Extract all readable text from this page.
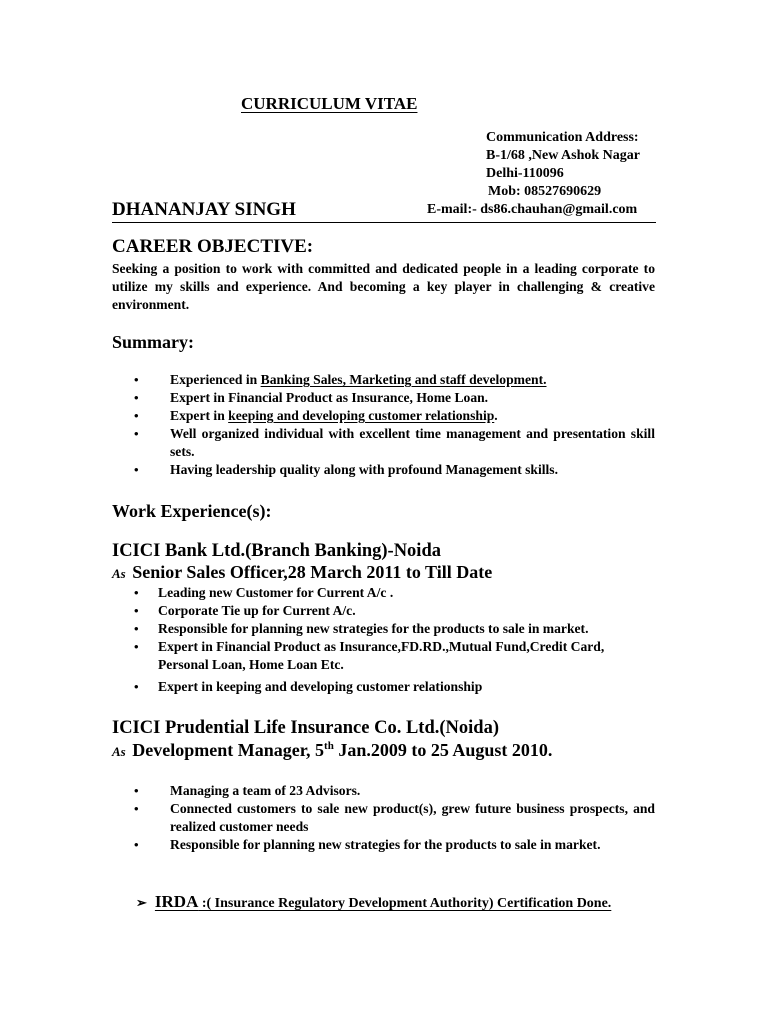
CURRICULUM VITAE
Communication Address:
B-1/68 ,New Ashok Nagar
Delhi-110096
Mob: 08527690629
DHANANJAY SINGH	E-mail:- ds86.chauhan@gmail.com
CAREER OBJECTIVE:
Seeking a position to work with committed and dedicated people in a leading corporate to utilize my skills and experience. And becoming a key player in challenging & creative environment.
Summary:
• Experienced in Banking Sales, Marketing and staff development.
• Expert in Financial Product as Insurance, Home Loan.
• Expert in keeping and developing customer relationship.
• Well organized individual with excellent time management and presentation skill sets.
• Having leadership quality along with profound Management skills.
Work Experience(s):
ICICI Bank Ltd.(Branch Banking)-Noida
As Senior Sales Officer,28 March 2011 to Till Date
• Leading new Customer for Current A/c .
• Corporate Tie up for Current A/c.
• Responsible for planning new strategies for the products to sale in market.
• Expert in Financial Product as Insurance,FD.RD.,Mutual Fund,Credit Card, Personal Loan, Home Loan Etc.
• Expert in keeping and developing customer relationship
ICICI Prudential Life Insurance Co. Ltd.(Noida)
As Development Manager, 5th Jan.2009 to 25 August 2010.
• Managing a team of 23 Advisors.
• Connected customers to sale new product(s), grew future business prospects, and realized customer needs
• Responsible for planning new strategies for the products to sale in market.
➢ IRDA :( Insurance Regulatory Development Authority) Certification Done.
